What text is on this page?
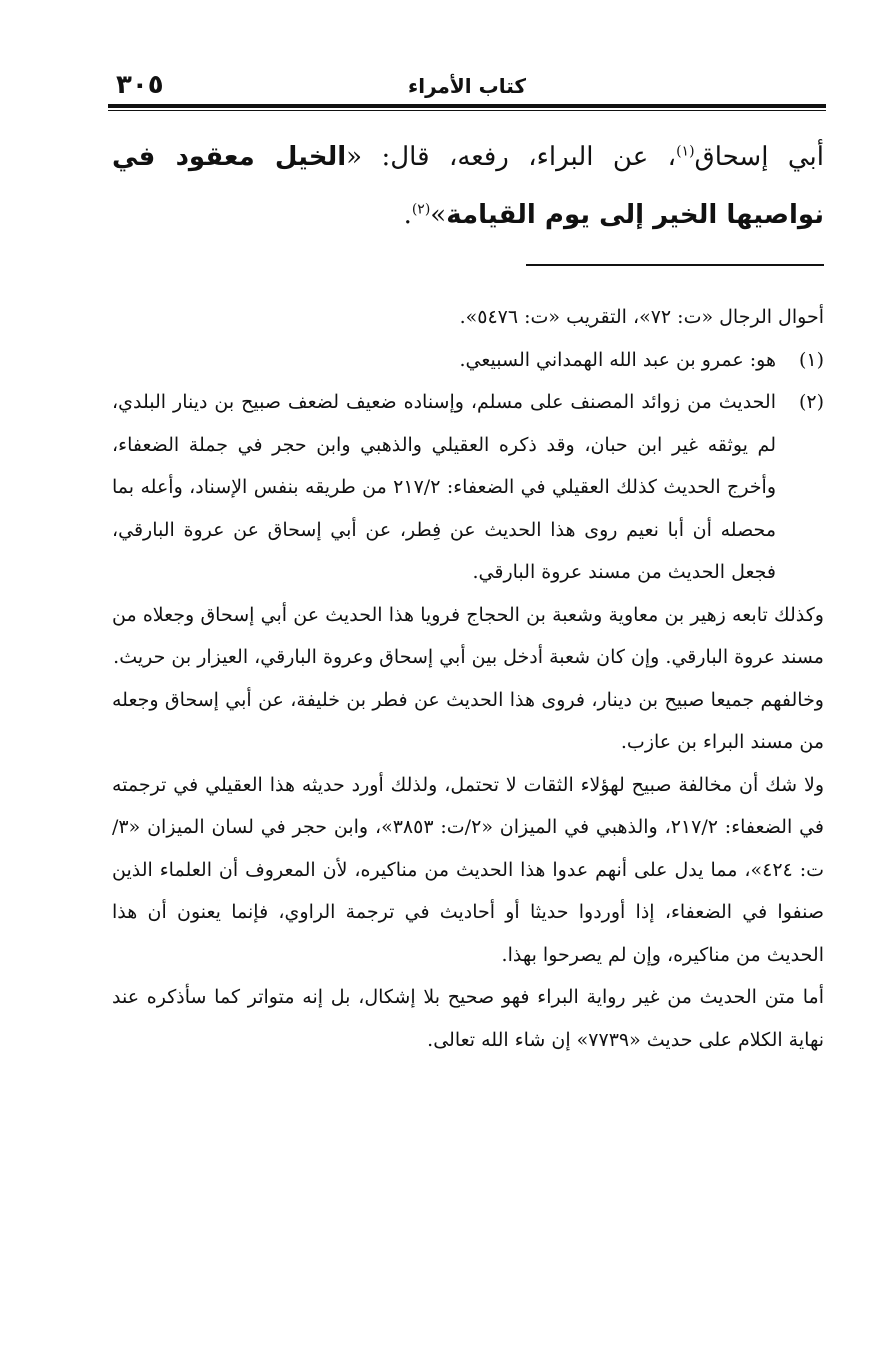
٣٠٥	كتاب الأمراء
أبي إسحاق$^{(١)}$، عن البراء، رفعه، قال: «الخيل معقود في نواصيها الخير إلى يوم القيامة»$^{(٢)}$.

أحوال الرجال «ت: ٧٢»، التقريب «ت: ٥٤٧٦».

(١)
هو: عمرو بن عبد الله الهمداني السبيعي.
(٢)
الحديث من زوائد المصنف على مسلم، وإسناده ضعيف لضعف صبيح بن دينار البلدي، لم يوثقه غير ابن حبان، وقد ذكره العقيلي والذهبي وابن حجر في جملة الضعفاء، وأخرج الحديث كذلك العقيلي في الضعفاء: ٢١٧/٢ من طريقه بنفس الإسناد، وأعله بما محصله أن أبا نعيم روى هذا الحديث عن فِطر، عن أبي إسحاق عن عروة البارقي، فجعل الحديث من مسند عروة البارقي.

وكذلك تابعه زهير بن معاوية وشعبة بن الحجاج فرويا هذا الحديث عن أبي إسحاق وجعلاه من مسند عروة البارقي. وإن كان شعبة أدخل بين أبي إسحاق وعروة البارقي، العيزار بن حريث.

وخالفهم جميعا صبيح بن دينار، فروى هذا الحديث عن فطر بن خليفة، عن أبي إسحاق وجعله من مسند البراء بن عازب.

ولا شك أن مخالفة صبيح لهؤلاء الثقات لا تحتمل، ولذلك أورد حديثه هذا العقيلي في ترجمته في الضعفاء: ٢١٧/٢، والذهبي في الميزان «٢/ت: ٣٨٥٣»، وابن حجر في لسان الميزان «٣/ت: ٤٢٤»، مما يدل على أنهم عدوا هذا الحديث من مناكيره، لأن المعروف أن العلماء الذين صنفوا في الضعفاء، إذا أوردوا حديثا أو أحاديث في ترجمة الراوي، فإنما يعنون أن هذا الحديث من مناكيره، وإن لم يصرحوا بهذا.

أما متن الحديث من غير رواية البراء فهو صحيح بلا إشكال، بل إنه متواتر كما سأذكره عند نهاية الكلام على حديث «٧٧٣٩» إن شاء الله تعالى.
